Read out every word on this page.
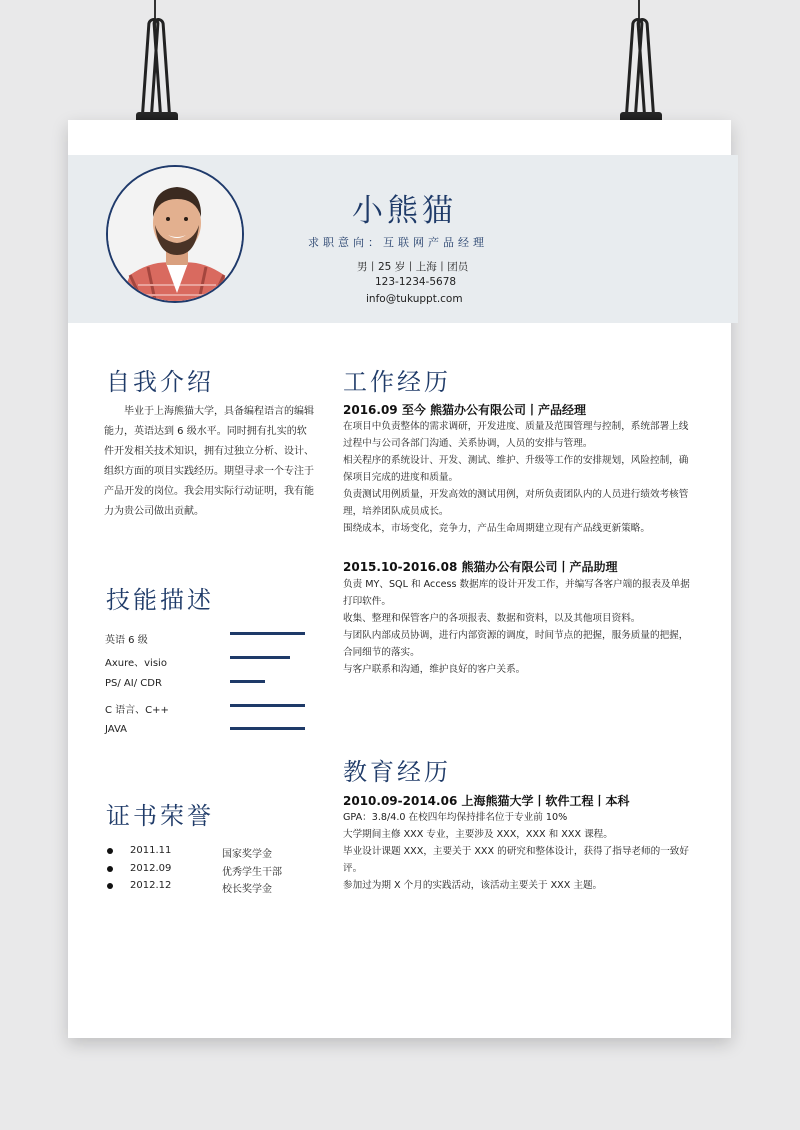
小熊猫
求职意向：互联网产品经理
男丨25 岁丨上海丨团员
123-1234-5678
info@tukuppt.com
自我介绍
毕业于上海熊猫大学，具备编程语言的编辑
能力，英语达到 6 级水平。同时拥有扎实的软
件开发相关技术知识，拥有过独立分析、设计、
组织方面的项目实践经历。期望寻求一个专注于
产品开发的岗位。我会用实际行动证明，我有能
力为贵公司做出贡献。
技能描述
英语 6 级
Axure、visio
PS/ AI/ CDR
C 语言、C++
JAVA
证书荣誉
2011.11	国家奖学金
2012.09	优秀学生干部
2012.12	校长奖学金
工作经历
2016.09 至今 熊猫办公有限公司丨产品经理
在项目中负责整体的需求调研，开发进度、质量及范围管理与控制，系统部署上线
过程中与公司各部门沟通、关系协调，人员的安排与管理。
相关程序的系统设计、开发、测试、维护、升级等工作的安排规划，风险控制，确
保项目完成的进度和质量。
负责测试用例质量，开发高效的测试用例，对所负责团队内的人员进行绩效考核管
理，培养团队成员成长。
围绕成本，市场变化，竞争力，产品生命周期建立现有产品线更新策略。
2015.10-2016.08 熊猫办公有限公司丨产品助理
负责 MY、SQL 和 Access 数据库的设计开发工作，并编写各客户端的报表及单据
打印软件。
收集、整理和保管客户的各项报表、数据和资料，以及其他项目资料。
与团队内部成员协调，进行内部资源的调度，时间节点的把握，服务质量的把握，
合同细节的落实。
与客户联系和沟通，维护良好的客户关系。
教育经历
2010.09-2014.06 上海熊猫大学丨软件工程丨本科
GPA：3.8/4.0 在校四年均保持排名位于专业前 10%
大学期间主修 XXX 专业，主要涉及 XXX，XXX 和 XXX 课程。
毕业设计课题 XXX，主要关于 XXX 的研究和整体设计，获得了指导老师的一致好
评。
参加过为期 X 个月的实践活动，该活动主要关于 XXX 主题。
